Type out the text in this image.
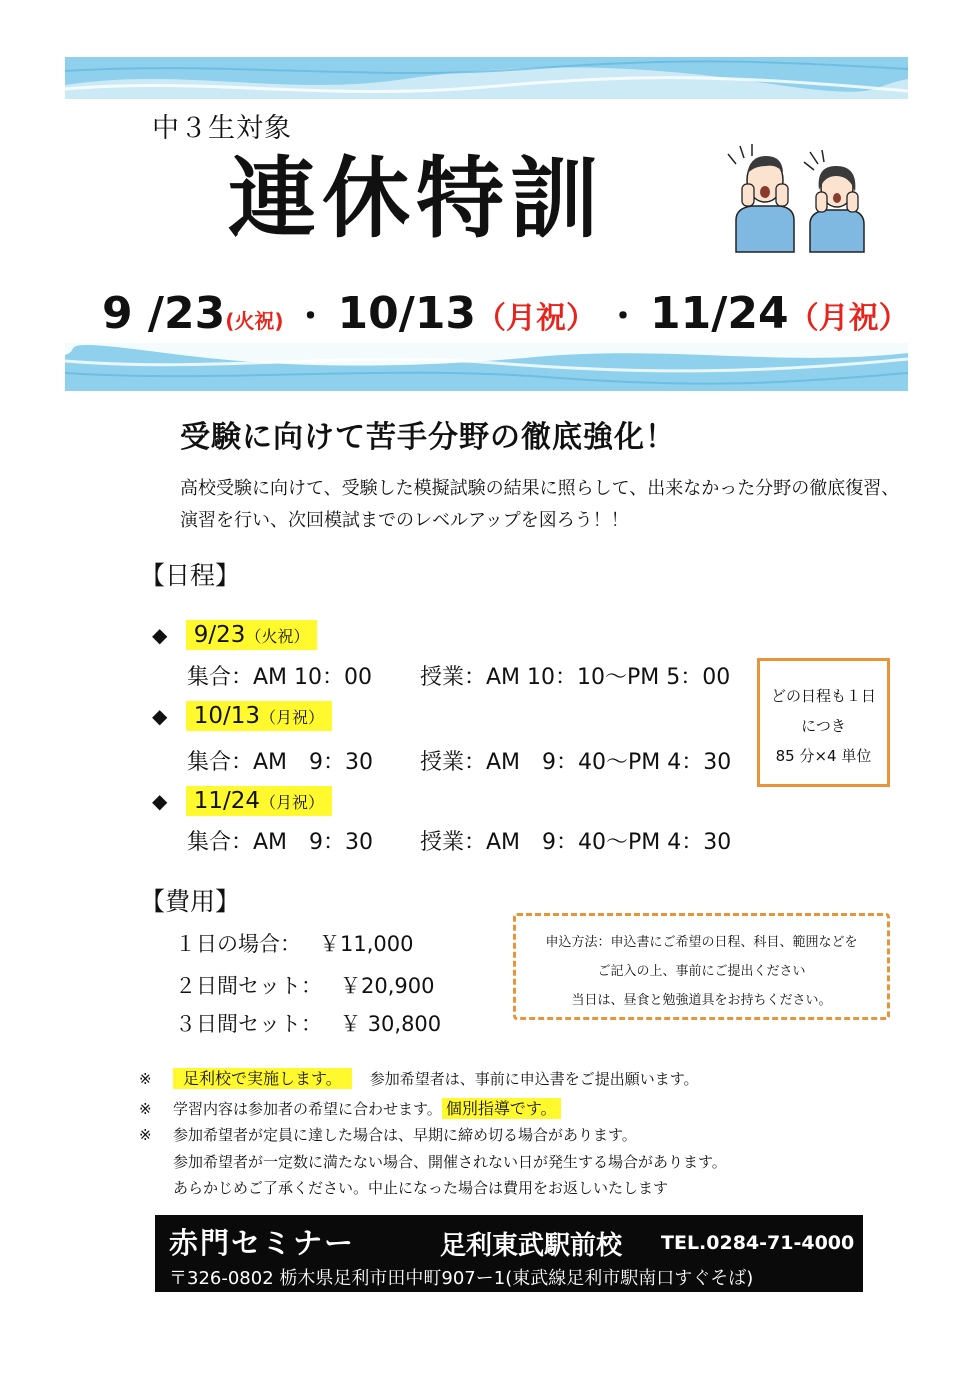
中３生対象
連休特訓
9 /23 (火祝) ・ 10/13 （月祝） ・ 11/24 （月祝）
受験に向けて苦手分野の徹底強化！
高校受験に向けて、受験した模擬試験の結果に照らして、出来なかった分野の徹底復習、
演習を行い、次回模試までのレベルアップを図ろう！！
【日程】
◆ 9/23（火祝）
集合：AM 10：00 授業：AM 10：10～PM 5：00
◆ 10/13（月祝）
集合：AM　9：30 授業：AM　9：40～PM 4：30
◆ 11/24（月祝）
集合：AM　9：30 授業：AM　9：40～PM 4：30
どの日程も１日
につき
85 分×4 単位
【費用】
１日の場合： ￥11,000
２日間セット： ￥20,900
３日間セット： ￥ 30,800
申込方法：申込書にご希望の日程、科目、範囲などを
ご記入の上、事前にご提出ください
当日は、昼食と勉強道具をお持ちください。
※ 足利校で実施します。 参加希望者は、事前に申込書をご提出願います。
※ 学習内容は参加者の希望に合わせます。 個別指導です。
※ 参加希望者が定員に達した場合は、早期に締め切る場合があります。
参加希望者が一定数に満たない場合、開催されない日が発生する場合があります。
あらかじめご了承ください。中止になった場合は費用をお返しいたします
赤門セミナー	足利東武駅前校 TEL.0284-71-4000
〒326-0802 栃木県足利市田中町907ー1(東武線足利市駅南口すぐそば)
